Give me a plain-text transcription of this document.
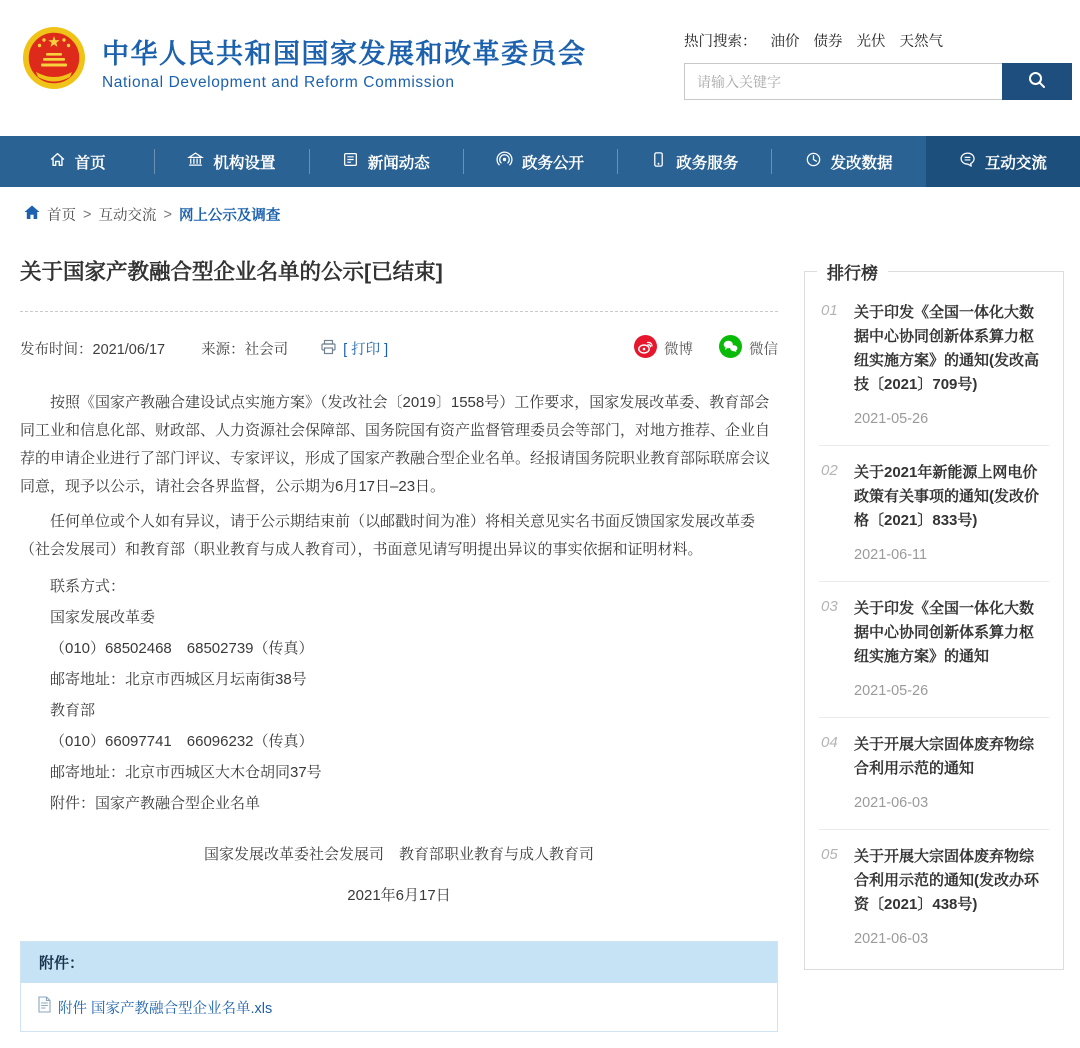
中华人民共和国国家发展和改革委员会
National Development and Reform Commission
热门搜索： 油价 债券 光伏 天然气
请输入关键字
首页	机构设置	新闻动态	政务公开	政务服务	发改数据	互动交流
首页 > 互动交流 > 网上公示及调查
关于国家产教融合型企业名单的公示[已结束]
发布时间：2021/06/17 来源：社会司	[ 打印 ]	微博	微信

按照《国家产教融合建设试点实施方案》（发改社会〔2019〕1558号）工作要求，国家发展改革委、教育部会同工业和信息化部、财政部、人力资源社会保障部、国务院国有资产监督管理委员会等部门，对地方推荐、企业自荐的申请企业进行了部门评议、专家评议，形成了国家产教融合型企业名单。经报请国务院职业教育部际联席会议同意，现予以公示，请社会各界监督，公示期为6月17日–23日。

任何单位或个人如有异议，请于公示期结束前（以邮戳时间为准）将相关意见实名书面反馈国家发展改革委（社会发展司）和教育部（职业教育与成人教育司），书面意见请写明提出异议的事实依据和证明材料。

联系方式：
国家发展改革委
（010）68502468　68502739（传真）
邮寄地址：北京市西城区月坛南街38号
教育部
（010）66097741　66096232（传真）
邮寄地址：北京市西城区大木仓胡同37号
附件：国家产教融合型企业名单
国家发展改革委社会发展司　教育部职业教育与成人教育司
2021年6月17日
附件：
附件 国家产教融合型企业名单.xls
排行榜
01	关于印发《全国一体化大数据中心协同创新体系算力枢纽实施方案》的通知(发改高技〔2021〕709号)
2021-05-26
02	关于2021年新能源上网电价政策有关事项的通知(发改价格〔2021〕833号)
2021-06-11
03	关于印发《全国一体化大数据中心协同创新体系算力枢纽实施方案》的通知
2021-05-26
04	关于开展大宗固体废弃物综合利用示范的通知
2021-06-03
05	关于开展大宗固体废弃物综合利用示范的通知(发改办环资〔2021〕438号)
2021-06-03
